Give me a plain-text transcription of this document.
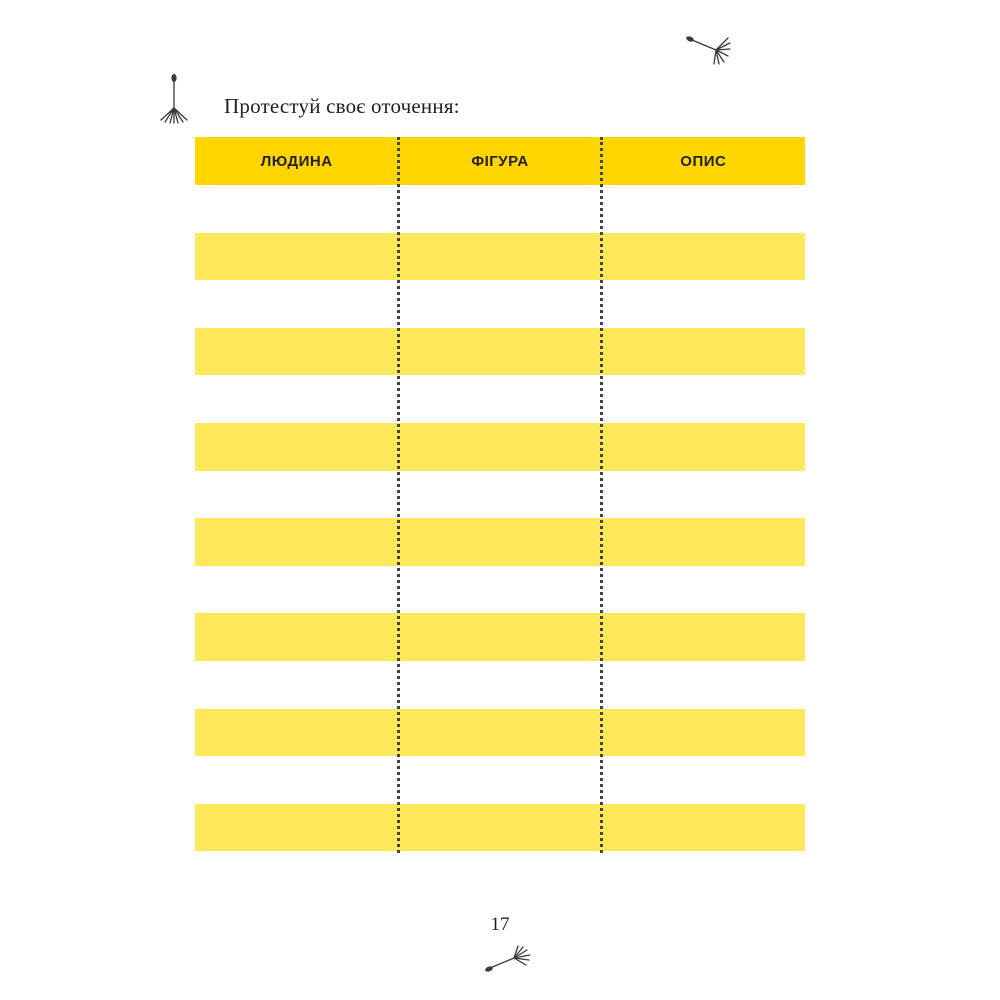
Протестуй своє оточення:
ЛЮДИНА	ФІГУРА	ОПИС
17
